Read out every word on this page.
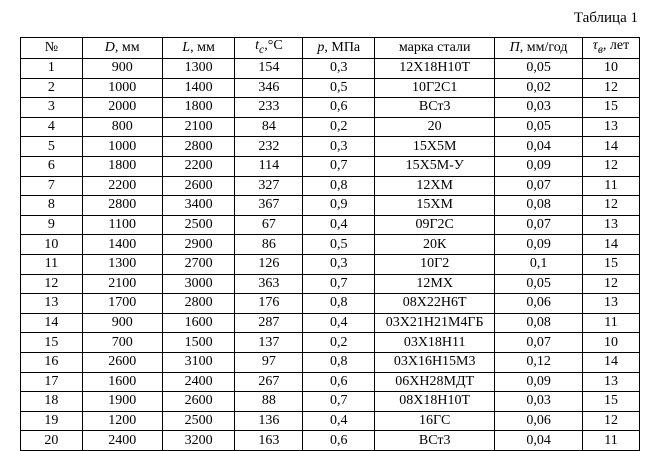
Таблица 1
№	D, мм	L, мм	$t_c,^\circ С$	p, МПа	марка стали	П, мм/год	$\tau_в$, лет
1	900	1300	154	0,3	12Х18Н10Т	0,05	10
2	1000	1400	346	0,5	10Г2С1	0,02	12
3	2000	1800	233	0,6	ВСт3	0,03	15
4	800	2100	84	0,2	20	0,05	13
5	1000	2800	232	0,3	15Х5М	0,04	14
6	1800	2200	114	0,7	15Х5М-У	0,09	12
7	2200	2600	327	0,8	12ХМ	0,07	11
8	2800	3400	367	0,9	15ХМ	0,08	12
9	1100	2500	67	0,4	09Г2С	0,07	13
10	1400	2900	86	0,5	20К	0,09	14
11	1300	2700	126	0,3	10Г2	0,1	15
12	2100	3000	363	0,7	12МХ	0,05	12
13	1700	2800	176	0,8	08Х22Н6Т	0,06	13
14	900	1600	287	0,4	03Х21Н21М4ГБ	0,08	11
15	700	1500	137	0,2	03Х18Н11	0,07	10
16	2600	3100	97	0,8	03Х16Н15М3	0,12	14
17	1600	2400	267	0,6	06ХН28МДТ	0,09	13
18	1900	2600	88	0,7	08Х18Н10Т	0,03	15
19	1200	2500	136	0,4	16ГС	0,06	12
20	2400	3200	163	0,6	ВСт3	0,04	11
